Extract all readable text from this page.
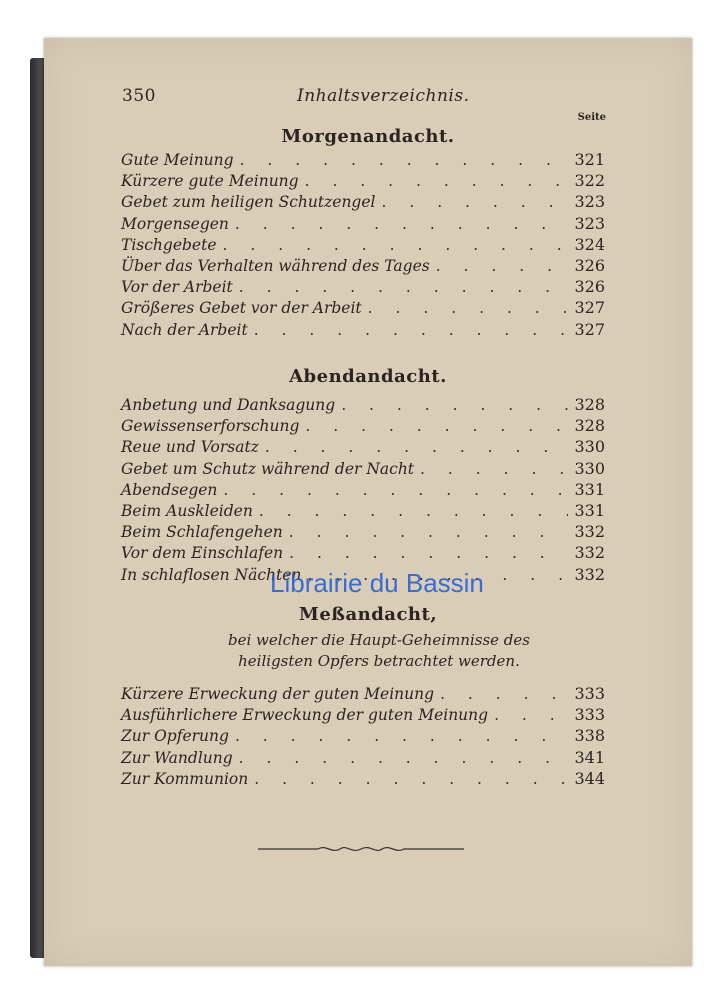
350	Inhaltsverzeichnis.
Seite
Morgenandacht.
Gute Meinung . . .	321
Kürzere gute Meinung . . .	322
Gebet zum heiligen Schutzengel . . .	323
Morgensegen . . .	323
Tischgebete . . .	324
Über das Verhalten während des Tages . . .	326
Vor der Arbeit . . .	326
Größeres Gebet vor der Arbeit . . .	327
Nach der Arbeit . . .	327
Abendandacht.
Anbetung und Danksagung . . .	328
Gewissenserforschung . . .	328
Reue und Vorsatz . . .	330
Gebet um Schutz während der Nacht . . .	330
Abendsegen . . .	331
Beim Auskleiden . . .	331
Beim Schlafengehen . . .	332
Vor dem Einschlafen . . .	332
In schlaflosen Nächten . . .	332
Meßandacht,
bei welcher die Haupt-Geheimnisse des heiligsten Opfers betrachtet werden.
Kürzere Erweckung der guten Meinung . . .	333
Ausführlichere Erweckung der guten Meinung . . .	333
Zur Opferung . . .	338
Zur Wandlung . . .	341
Zur Kommunion . . .	344
Librairie du Bassin
